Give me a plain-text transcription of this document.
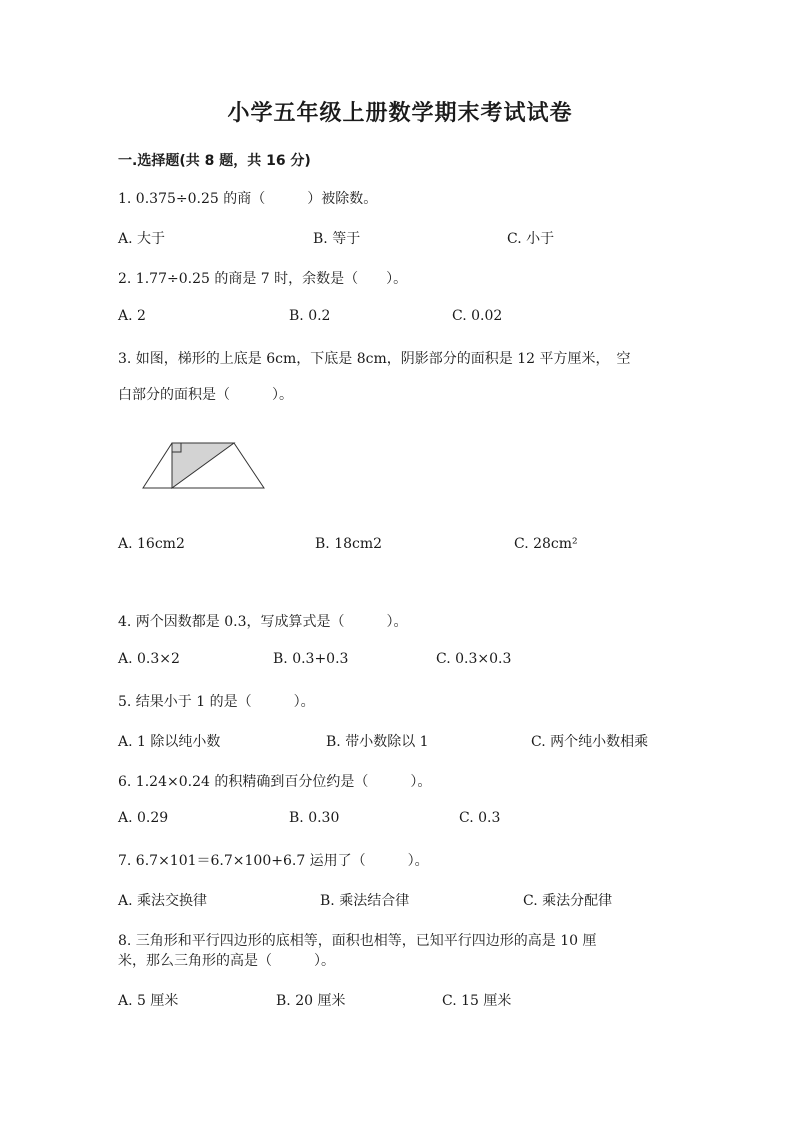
小学五年级上册数学期末考试试卷
一.选择题(共 8 题，共 16 分)
1. 0.375÷0.25 的商（　　　）被除数。
A. 大于	B. 等于	C. 小于
2. 1.77÷0.25 的商是 7 时，余数是（　　）。
A. 2	B. 0.2	C. 0.02
3. 如图，梯形的上底是 6cm，下底是 8cm，阴影部分的面积是 12 平方厘米，　空
白部分的面积是（　　　）。
A. 16cm2	B. 18cm2	C. 28cm²
4. 两个因数都是 0.3，写成算式是（　　　）。
A. 0.3×2	B. 0.3+0.3	C. 0.3×0.3
5. 结果小于 1 的是（　　　）。
A. 1 除以纯小数	B. 带小数除以 1	C. 两个纯小数相乘
6. 1.24×0.24 的积精确到百分位约是（　　　）。
A. 0.29	B. 0.30	C. 0.3
7. 6.7×101＝6.7×100+6.7 运用了（　　　）。
A. 乘法交换律	B. 乘法结合律	C. 乘法分配律
8. 三角形和平行四边形的底相等，面积也相等，已知平行四边形的高是 10 厘
米，那么三角形的高是（　　　）。
A. 5 厘米	B. 20 厘米	C. 15 厘米
